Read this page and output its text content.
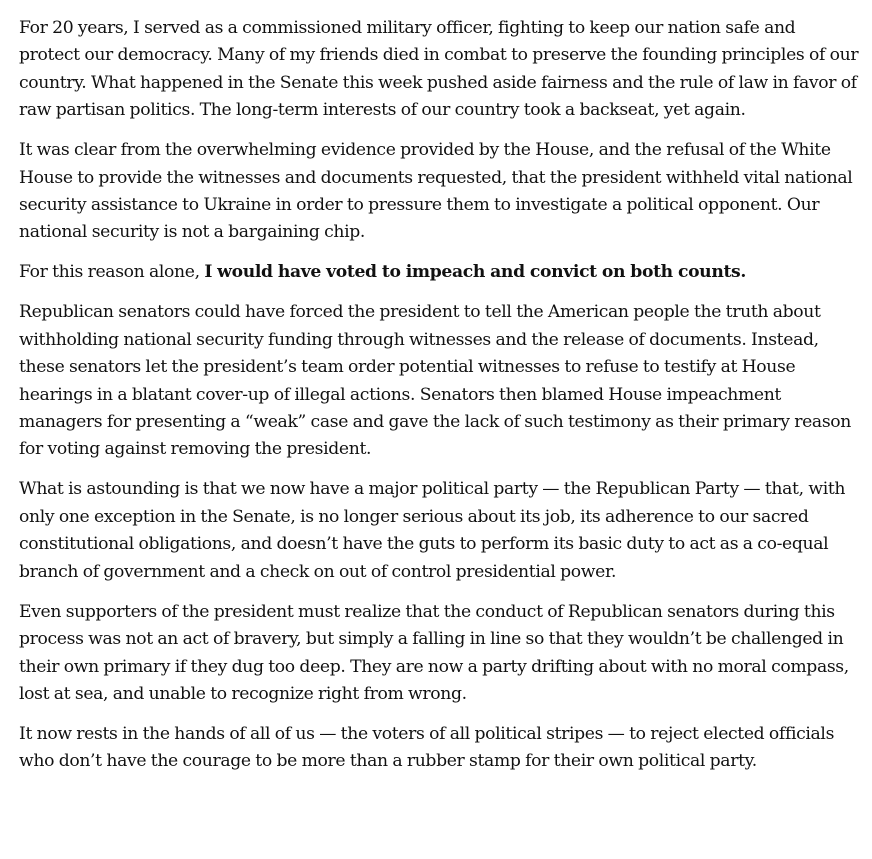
For 20 years, I served as a commissioned military officer, fighting to keep our nation safe and protect our democracy. Many of my friends died in combat to preserve the founding principles of our country. What happened in the Senate this week pushed aside fairness and the rule of law in favor of raw partisan politics. The long-term interests of our country took a backseat, yet again.

It was clear from the overwhelming evidence provided by the House, and the refusal of the White House to provide the witnesses and documents requested, that the president withheld vital national security assistance to Ukraine in order to pressure them to investigate a political opponent. Our national security is not a bargaining chip.

For this reason alone, I would have voted to impeach and convict on both counts.

Republican senators could have forced the president to tell the American people the truth about withholding national security funding through witnesses and the release of documents. Instead, these senators let the president’s team order potential witnesses to refuse to testify at House hearings in a blatant cover-up of illegal actions. Senators then blamed House impeachment managers for presenting a “weak” case and gave the lack of such testimony as their primary reason for voting against removing the president.

What is astounding is that we now have a major political party — the Republican Party — that, with only one exception in the Senate, is no longer serious about its job, its adherence to our sacred constitutional obligations, and doesn’t have the guts to perform its basic duty to act as a co-equal branch of government and a check on out of control presidential power.

Even supporters of the president must realize that the conduct of Republican senators during this process was not an act of bravery, but simply a falling in line so that they wouldn’t be challenged in their own primary if they dug too deep. They are now a party drifting about with no moral compass, lost at sea, and unable to recognize right from wrong.

It now rests in the hands of all of us — the voters of all political stripes — to reject elected officials who don’t have the courage to be more than a rubber stamp for their own political party.
